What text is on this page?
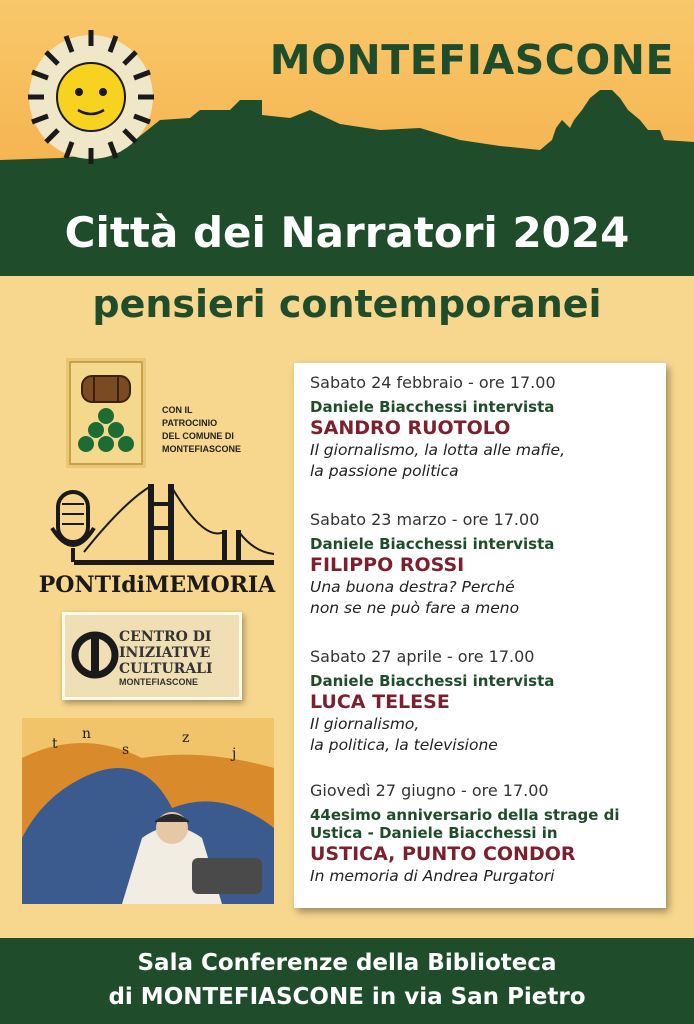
MONTEFIASCONE
Città dei Narratori 2024
pensieri contemporanei
CON IL
PATROCINIO
DEL COMUNE DI
MONTEFIASCONE
PONTIdiMEMORIA
CENTRO DI
INIZIATIVE
CULTURALI
MONTEFIASCONE
t
n
s
z
j

Sabato 24 febbraio - ore 17.00

Daniele Biacchessi intervista

SANDRO RUOTOLO

Il giornalismo, la lotta alle mafie,
la passione politica

Sabato 23 marzo - ore 17.00

Daniele Biacchessi intervista

FILIPPO ROSSI

Una buona destra? Perché
non se ne può fare a meno

Sabato 27 aprile - ore 17.00

Daniele Biacchessi intervista

LUCA TELESE

Il giornalismo,
la politica, la televisione

Giovedì 27 giugno - ore 17.00

44esimo anniversario della strage di Ustica - Daniele Biacchessi in

USTICA, PUNTO CONDOR

In memoria di Andrea Purgatori

Sala Conferenze della Biblioteca

di MONTEFIASCONE in via San Pietro
